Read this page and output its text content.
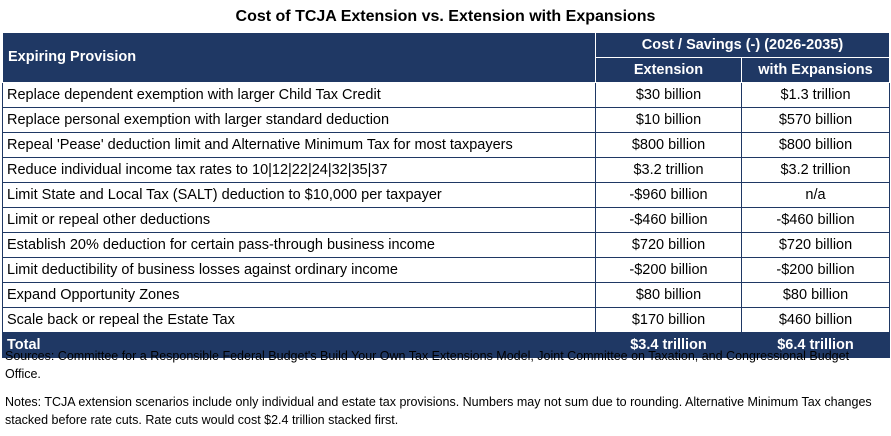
Cost of TCJA Extension vs. Extension with Expansions
Expiring Provision	Cost / Savings (-) (2026-2035)	
	Extension	with Expansions
Replace dependent exemption with larger Child Tax Credit	$30 billion	$1.3 trillion
Replace personal exemption with larger standard deduction	$10 billion	$570 billion
Repeal 'Pease' deduction limit and Alternative Minimum Tax for most taxpayers	$800 billion	$800 billion
Reduce individual income tax rates to 10|12|22|24|32|35|37	$3.2 trillion	$3.2 trillion
Limit State and Local Tax (SALT) deduction to $10,000 per taxpayer	-$960 billion	n/a
Limit or repeal other deductions	-$460 billion	-$460 billion
Establish 20% deduction for certain pass-through business income	$720 billion	$720 billion
Limit deductibility of business losses against ordinary income	-$200 billion	-$200 billion
Expand Opportunity Zones	$80 billion	$80 billion
Scale back or repeal the Estate Tax	$170 billion	$460 billion
Total	$3.4 trillion	$6.4 trillion
Sources: Committee for a Responsible Federal Budget's Build Your Own Tax Extensions Model, Joint Committee on Taxation, and Congressional Budget Office.
Notes: TCJA extension scenarios include only individual and estate tax provisions. Numbers may not sum due to rounding. Alternative Minimum Tax changes stacked before rate cuts. Rate cuts would cost $2.4 trillion stacked first.
